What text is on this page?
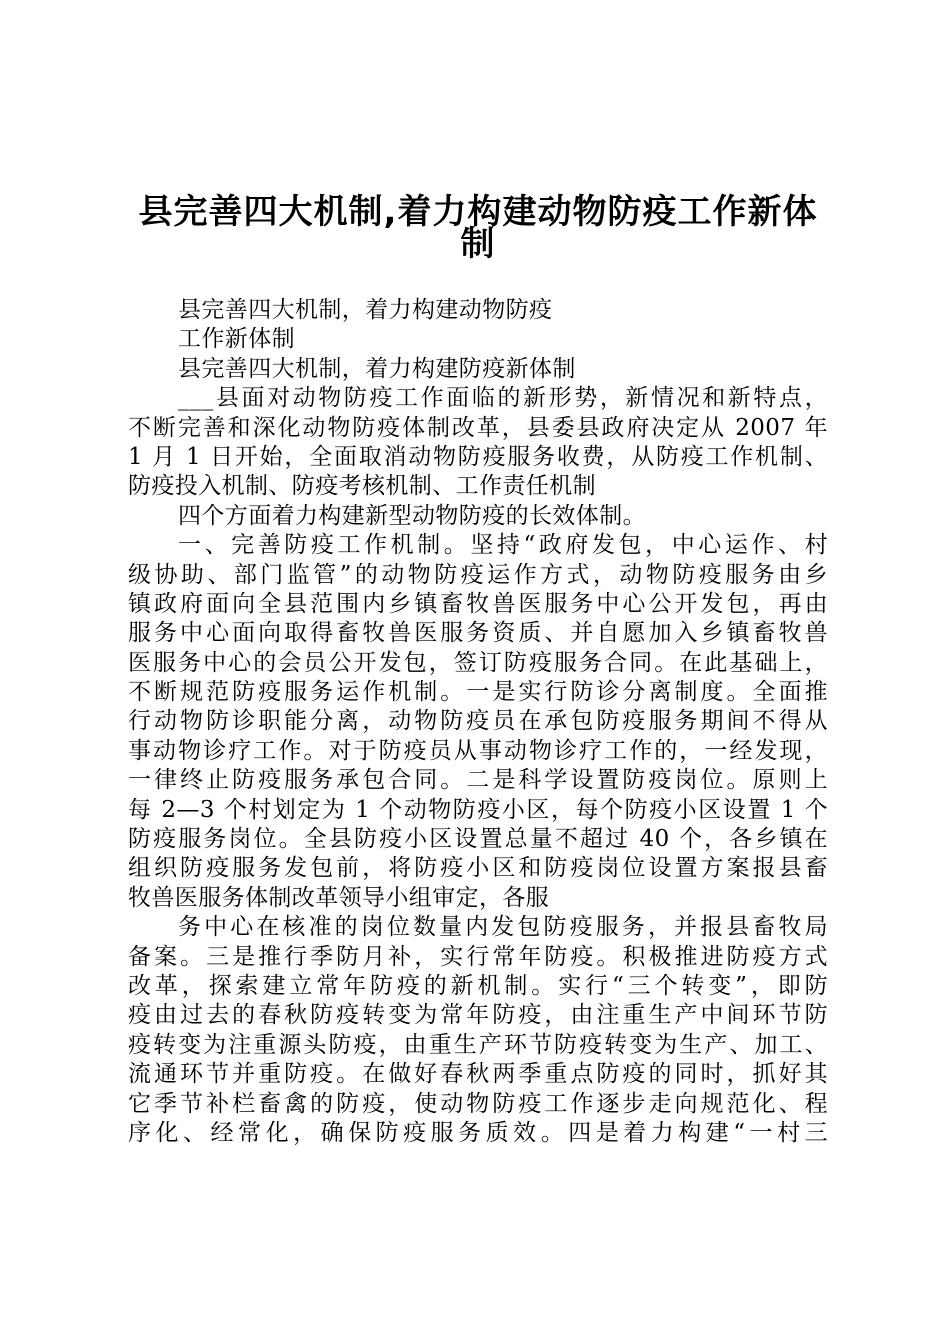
县完善四大机制,着力构建动物防疫工作新体
制
县完善四大机制，着力构建动物防疫
工作新体制
县完善四大机制，着力构建防疫新体制
___县面对动物防疫工作面临的新形势，新情况和新特点，
不断完善和深化动物防疫体制改革，县委县政府决定从 2007 年
1 月 1 日开始，全面取消动物防疫服务收费，从防疫工作机制、
防疫投入机制、防疫考核机制、工作责任机制
四个方面着力构建新型动物防疫的长效体制。
一、完善防疫工作机制。坚持“政府发包，中心运作、村
级协助、部门监管”的动物防疫运作方式，动物防疫服务由乡
镇政府面向全县范围内乡镇畜牧兽医服务中心公开发包，再由
服务中心面向取得畜牧兽医服务资质、并自愿加入乡镇畜牧兽
医服务中心的会员公开发包，签订防疫服务合同。在此基础上，
不断规范防疫服务运作机制。一是实行防诊分离制度。全面推
行动物防诊职能分离，动物防疫员在承包防疫服务期间不得从
事动物诊疗工作。对于防疫员从事动物诊疗工作的，一经发现，
一律终止防疫服务承包合同。二是科学设置防疫岗位。原则上
每 2—3 个村划定为 1 个动物防疫小区，每个防疫小区设置 1 个
防疫服务岗位。全县防疫小区设置总量不超过 40 个，各乡镇在
组织防疫服务发包前，将防疫小区和防疫岗位设置方案报县畜
牧兽医服务体制改革领导小组审定，各服
务中心在核准的岗位数量内发包防疫服务，并报县畜牧局
备案。三是推行季防月补，实行常年防疫。积极推进防疫方式
改革，探索建立常年防疫的新机制。实行“三个转变”，即防
疫由过去的春秋防疫转变为常年防疫，由注重生产中间环节防
疫转变为注重源头防疫，由重生产环节防疫转变为生产、加工、
流通环节并重防疫。在做好春秋两季重点防疫的同时，抓好其
它季节补栏畜禽的防疫，使动物防疫工作逐步走向规范化、程
序化、经常化，确保防疫服务质效。四是着力构建“一村三
